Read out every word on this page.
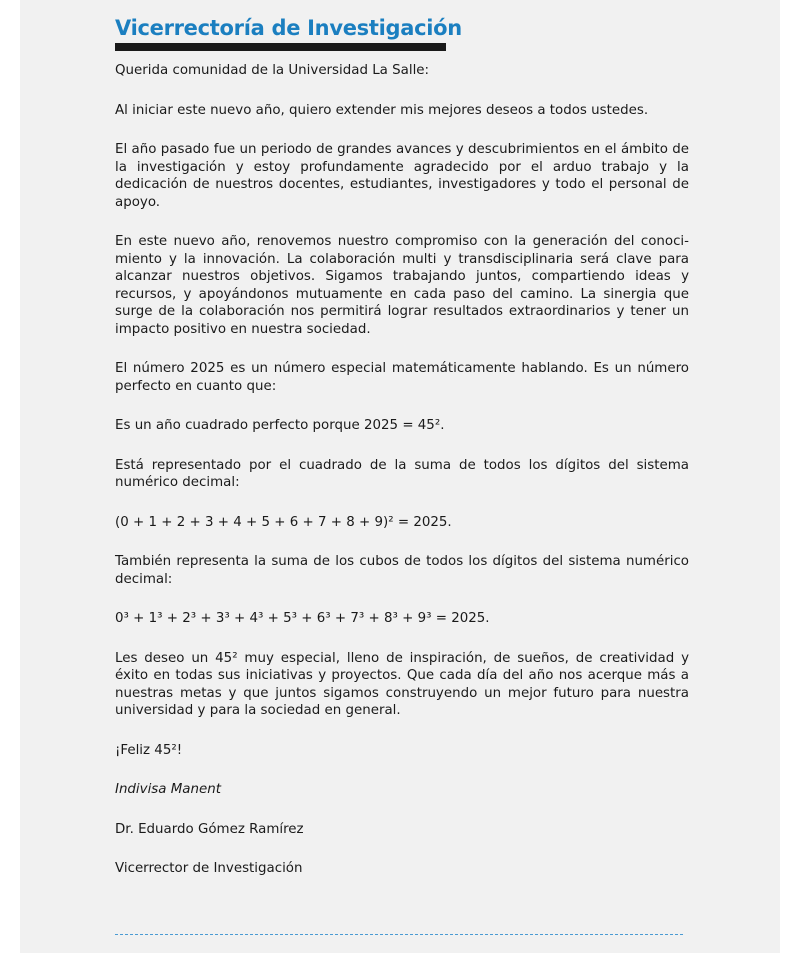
Vicerrectoría de Investigación

Querida comunidad de la Universidad La Salle:

Al iniciar este nuevo año, quiero extender mis mejores deseos a todos ustedes.

El año pasado fue un periodo de grandes avances y descubrimientos en el ámbito de la investigación y estoy profundamente agradecido por el arduo trabajo y la dedicación de nuestros docentes, estudiantes, investigadores y todo el personal de apoyo.

En este nuevo año, renovemos nuestro compromiso con la generación del conocimiento y la innovación. La colaboración multi y transdisciplinaria será clave para alcanzar nuestros objetivos. Sigamos trabajando juntos, compartiendo ideas y recursos, y apoyándonos mutuamente en cada paso del camino. La sinergia que surge de la colaboración nos permitirá lograr resultados extraordinarios y tener un impacto positivo en nuestra sociedad.

El número 2025 es un número especial matemáticamente hablando. Es un número perfecto en cuanto que:

Es un año cuadrado perfecto porque 2025 = 45².

Está representado por el cuadrado de la suma de todos los dígitos del sistema numérico decimal:

(0 + 1 + 2 + 3 + 4 + 5 + 6 + 7 + 8 + 9)² = 2025.

También representa la suma de los cubos de todos los dígitos del sistema numérico decimal:

0³ + 1³ + 2³ + 3³ + 4³ + 5³ + 6³ + 7³ + 8³ + 9³ = 2025.

Les deseo un 45² muy especial, lleno de inspiración, de sueños, de creatividad y éxito en todas sus iniciativas y proyectos. Que cada día del año nos acerque más a nuestras metas y que juntos sigamos construyendo un mejor futuro para nuestra universidad y para la sociedad en general.

¡Feliz 45²!

Indivisa Manent

Dr. Eduardo Gómez Ramírez

Vicerrector de Investigación
